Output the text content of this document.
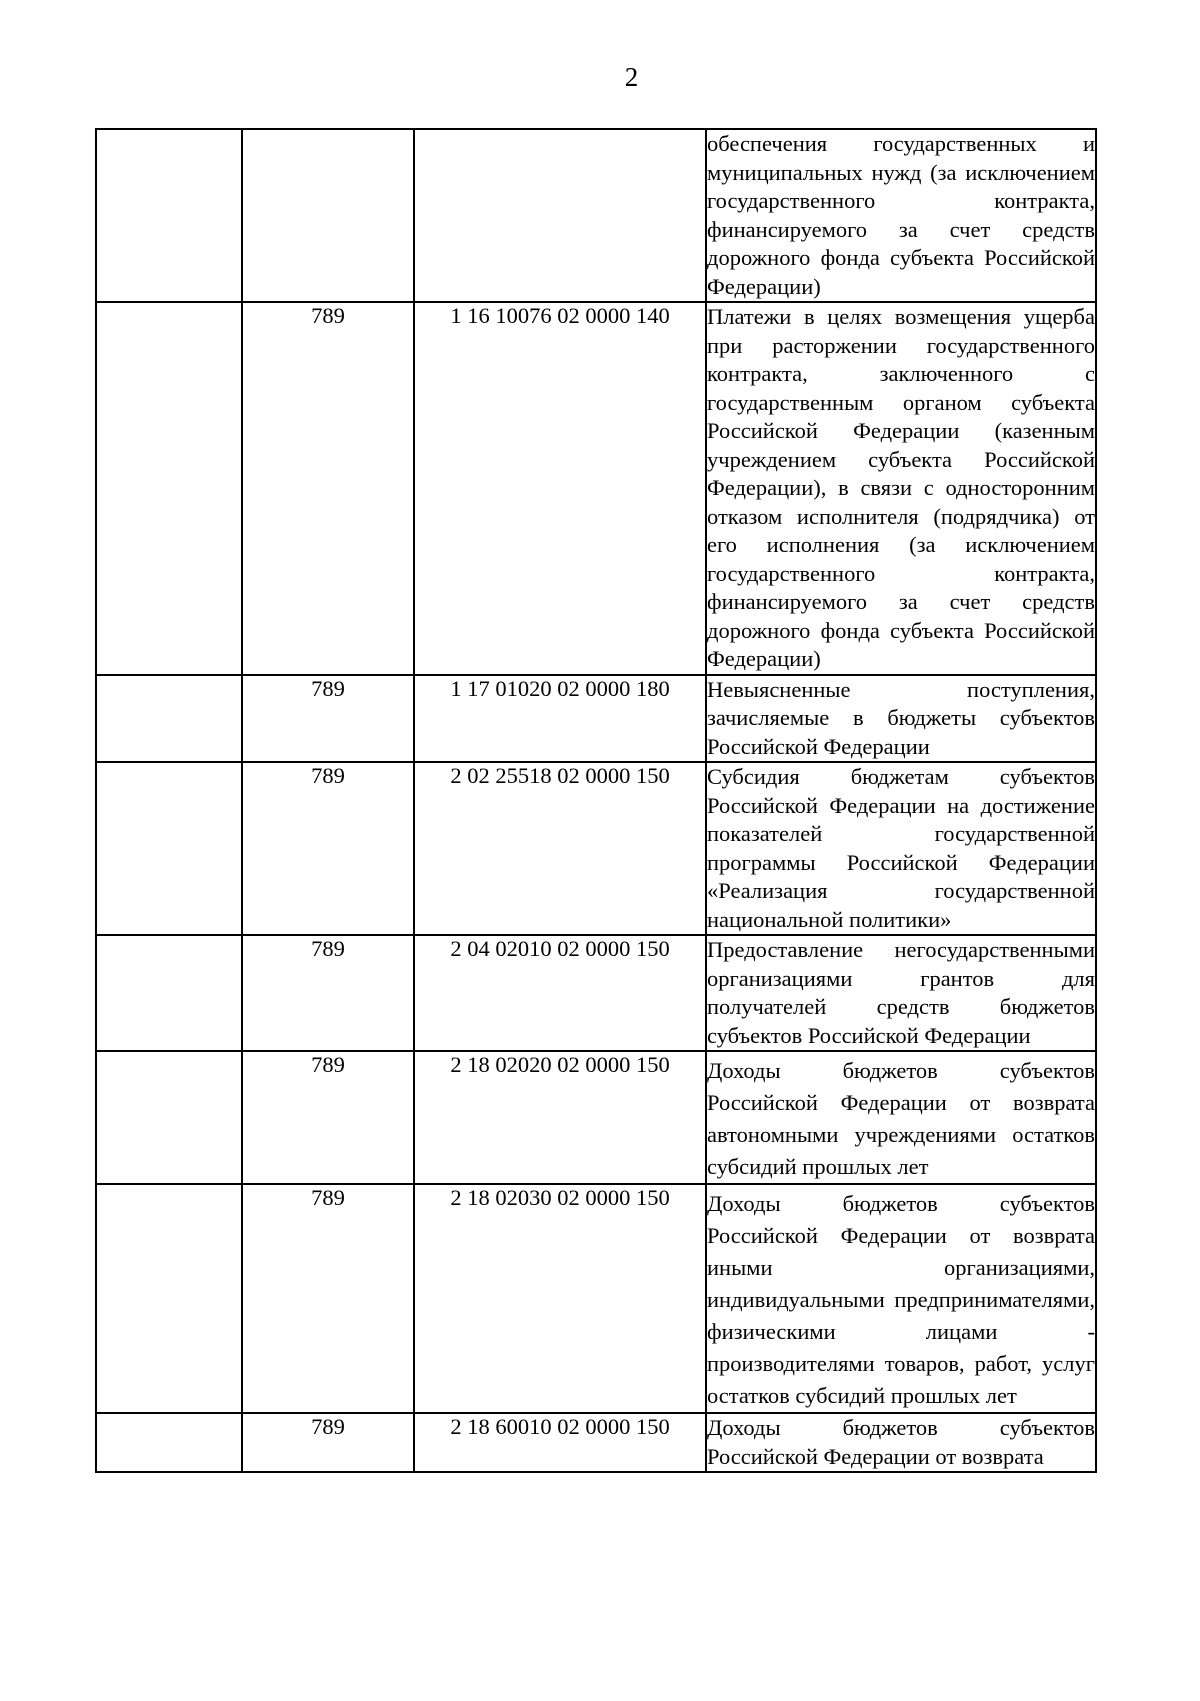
2
			обеспечения государственных и муниципальных нужд (за исключением государственного контракта, финансируемого за счет средств дорожного фонда субъекта Российской Федерации)
	789	1 16 10076 02 0000 140	Платежи в целях возмещения ущерба при расторжении государственного контракта, заключенного с государственным органом субъекта Российской Федерации (казенным учреждением субъекта Российской Федерации), в связи с односторонним отказом исполнителя (подрядчика) от его исполнения (за исключением государственного контракта, финансируемого за счет средств дорожного фонда субъекта Российской Федерации)
	789	1 17 01020 02 0000 180	Невыясненные поступления, зачисляемые в бюджеты субъектов Российской Федерации
	789	2 02 25518 02 0000 150	Субсидия бюджетам субъектов Российской Федерации на достижение показателей государственной программы Российской Федерации «Реализация государственной национальной политики»
	789	2 04 02010 02 0000 150	Предоставление негосударственными организациями грантов для получателей средств бюджетов субъектов Российской Федерации
	789	2 18 02020 02 0000 150	Доходы бюджетов субъектов Российской Федерации от возврата автономными учреждениями остатков субсидий прошлых лет
	789	2 18 02030 02 0000 150	Доходы бюджетов субъектов Российской Федерации от возврата иными организациями, индивидуальными предпринимателями, физическими лицами - производителями товаров, работ, услуг остатков субсидий прошлых лет
	789	2 18 60010 02 0000 150	Доходы бюджетов субъектов Российской Федерации от возврата
